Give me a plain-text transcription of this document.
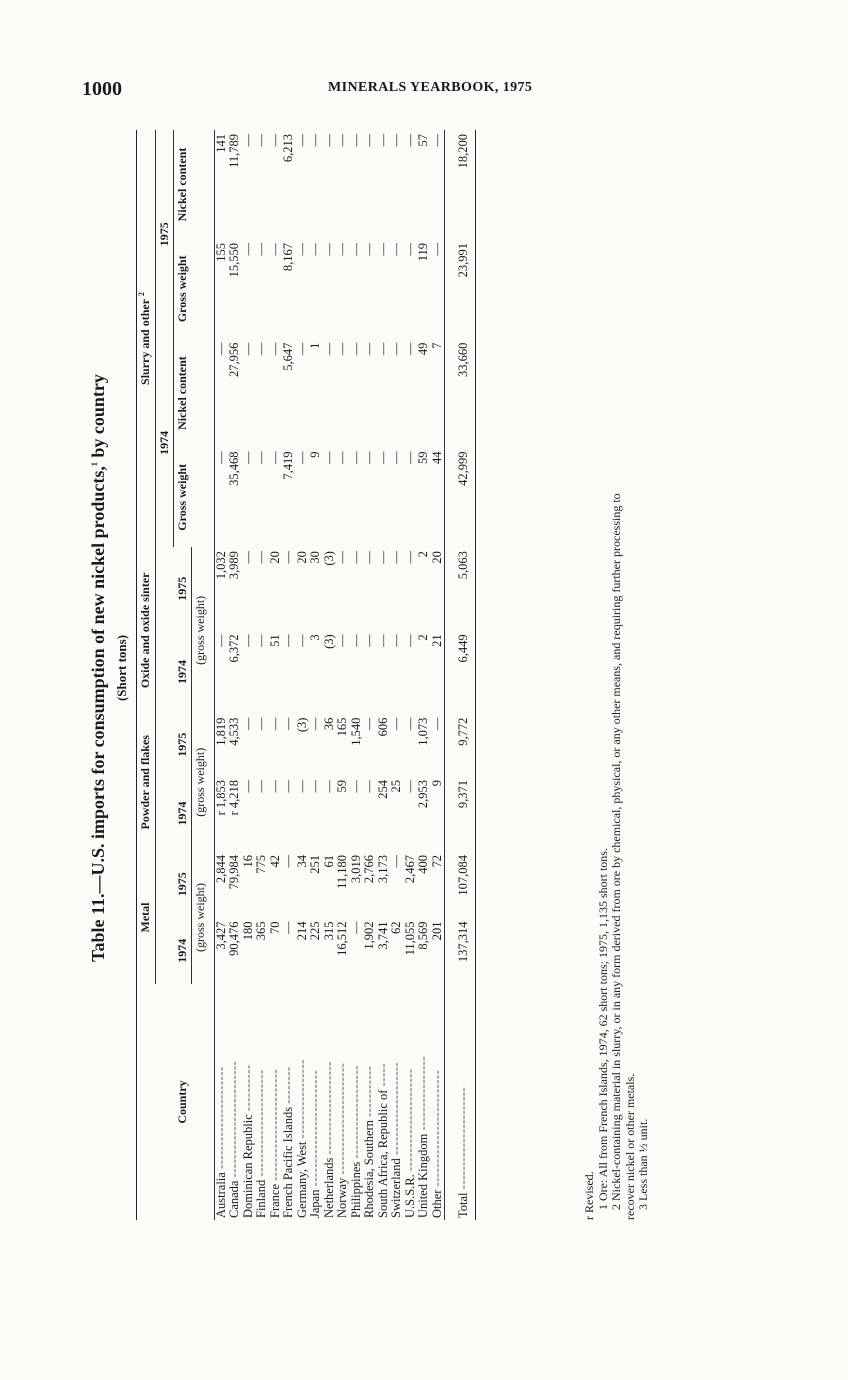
1000	MINERALS YEARBOOK, 1975
Table 11.—U.S. imports for consumption of new nickel products,$^1$ by country
(Short tons)
Country	Metal		Powder and flakes		Oxide and oxide sinter		Slurry and other $^2$
	1974	1975	1974	1975	1974	1975	1974		1975	
							Gross weight	Nickel content	Gross weight	Nickel content
	(gross weight)		(gross weight)		(gross weight)					
Australia ----------------------	3,427	2,844	r 1,853	1,819	—	1,032	—	—	155	141
Canada -------------------------	90,476	79,984	r 4,218	4,533	6,372	3,989	35,468	27,956	15,550	11,789
Dominican Republic ----------	180	16	—	—	—	—	—	—	—	—
Finland -----------------------	365	775	—	—	—	—	—	—	—	—
France ------------------------	70	42	—	—	51	20	—	—	—	—
French Pacific Islands --------	—	—	—	—	—	—	7,419	5,647	8,167	6,213
Germany, West -----------------	214	34	—	(3)	—	20	—	—	—	—
Japan -------------------------	225	251	—	—	3	30	9	1	—	—
Netherlands --------------------	315	61	—	36	(3)	(3)	—	—	—	—
Norway ------------------------	16,512	11,180	59	165	—	—	—	—	—	—
Philippines --------------------	—	3,019	—	1,540	—	—	—	—	—	—
Rhodesia, Southern -----------	1,902	2,766	—	—	—	—	—	—	—	—
South Africa, Republic of -----	3,741	3,173	254	606	—	—	—	—	—	—
Switzerland --------------------	62	—	25	—	—	—	—	—	—	—
U.S.S.R. ----------------------	11,055	2,467	—	—	—	—	—	—	—	—
United Kingdom ----------------	8,569	400	2,953	1,073	2	2	59	49	119	57
Other -------------------------	201	72	9	—	21	20	44	7	—	—

Total ----------------------	137,314	107,084	9,371	9,772	6,449	5,063	42,999	33,660	23,991	18,200
r Revised. 1 Ore: All from French Islands, 1974, 62 short tons; 1975, 1,135 short tons. 2 Nickel-containing material in slurry, or in any form derived from ore by chemical, physical, or any other means, and requiring further processing to recover nickel or other metals. 3 Less than ½ unit.
